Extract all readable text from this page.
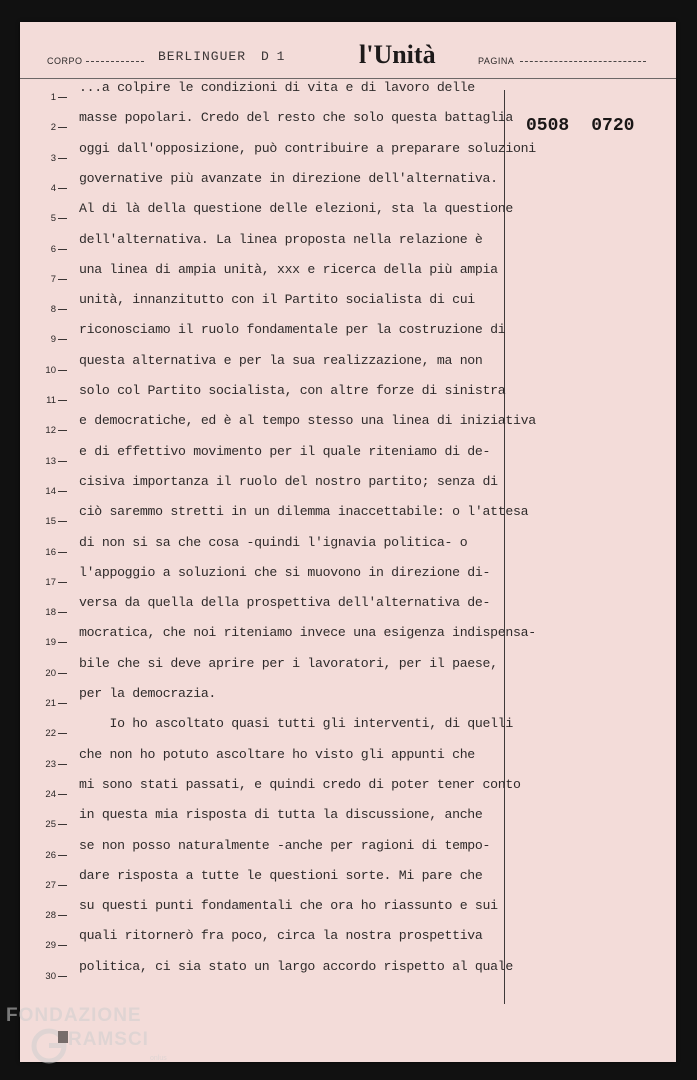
CORPO	BERLINGUER D 1	l'Unità	PAGINA
0508 0720
1
...a colpire le condizioni di vita e di lavoro delle
2
masse popolari. Credo del resto che solo questa battaglia
3
oggi dall'opposizione, può contribuire a preparare soluzioni
4
governative più avanzate in direzione dell'alternativa.
5
Al di là della questione delle elezioni, sta la questione
6
dell'alternativa. La linea proposta nella relazione è
7
una linea di ampia unità, xxx e ricerca della più ampia
8
unità, innanzitutto con il Partito socialista di cui
9
riconosciamo il ruolo fondamentale per la costruzione di
10
questa alternativa e per la sua realizzazione, ma non
11
solo col Partito socialista, con altre forze di sinistra
12
e democratiche, ed è al tempo stesso una linea di iniziativa
13
e di effettivo movimento per il quale riteniamo di de-
14
cisiva importanza il ruolo del nostro partito; senza di
15
ciò saremmo stretti in un dilemma inaccettabile: o l'attesa
16
di non si sa che cosa -quindi l'ignavia politica- o
17
l'appoggio a soluzioni che si muovono in direzione di-
18
versa da quella della prospettiva dell'alternativa de-
19
mocratica, che noi riteniamo invece una esigenza indispensa-
20
bile che si deve aprire per i lavoratori, per il paese,
21
per la democrazia.
22
Io ho ascoltato quasi tutti gli interventi, di quelli
23
che non ho potuto ascoltare ho visto gli appunti che
24
mi sono stati passati, e quindi credo di poter tener conto
25
in questa mia risposta di tutta la discussione, anche
26
se non posso naturalmente -anche per ragioni di tempo-
27
dare risposta a tutte le questioni sorte. Mi pare che
28
su questi punti fondamentali che ora ho riassunto e sui
29
quali ritornerò fra poco, circa la nostra prospettiva
30
politica, ci sia stato un largo accordo rispetto al quale
FONDAZIONE
RAMSCI
onlus
